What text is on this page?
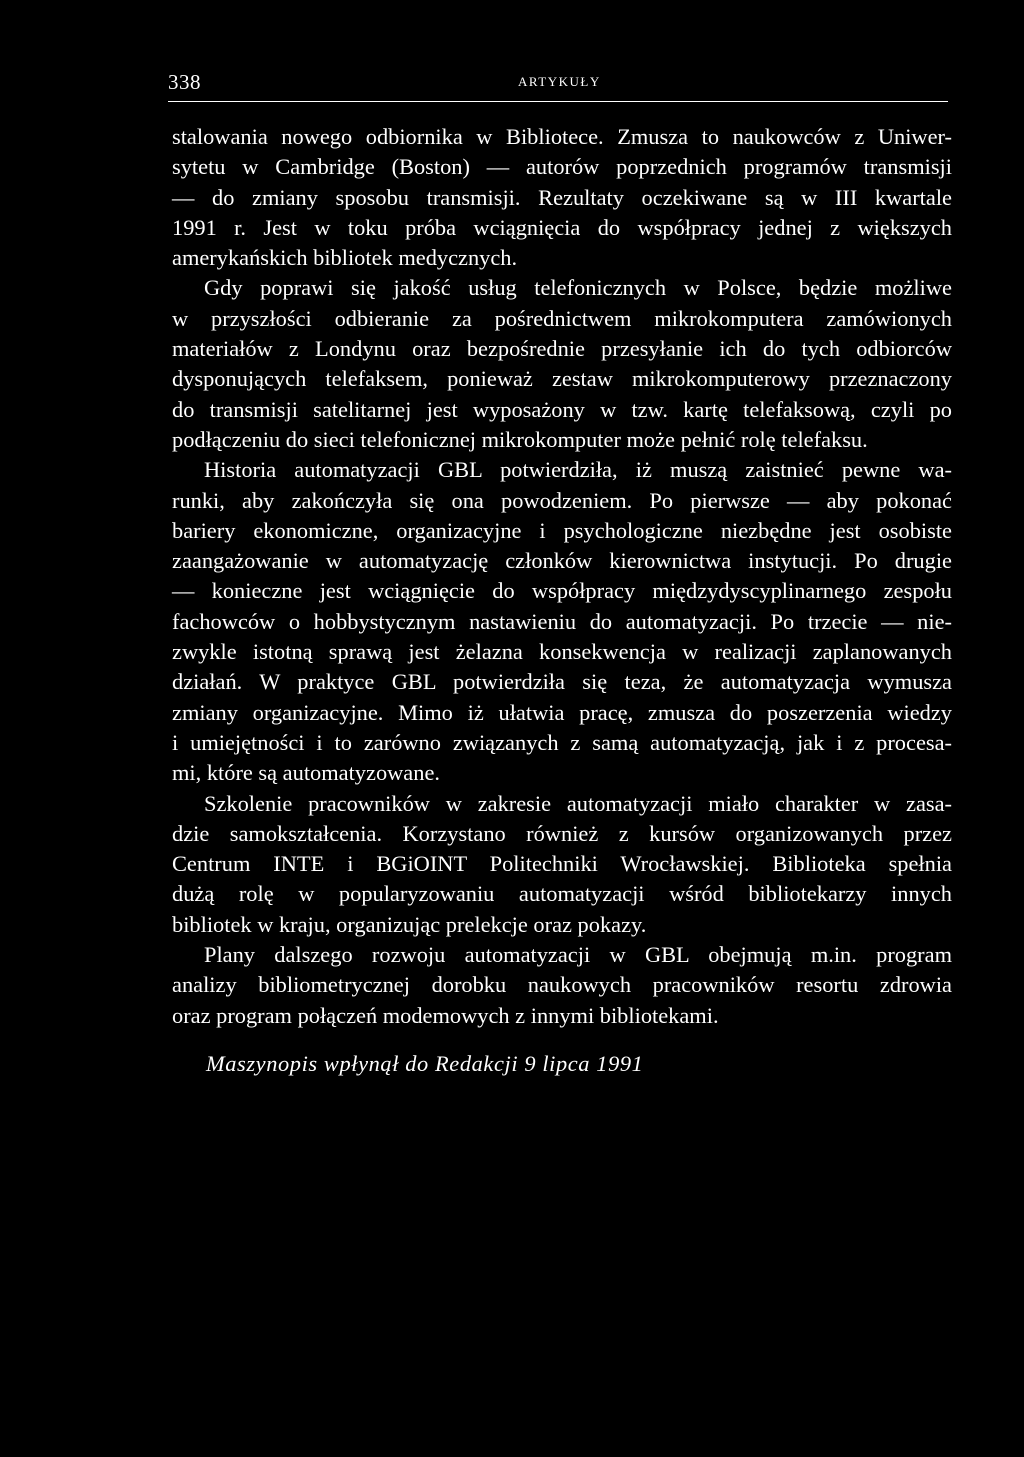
338	ARTYKUŁY
stalowania nowego odbiornika w Bibliotece. Zmusza to naukowców z Uniwer-
sytetu w Cambridge (Boston) — autorów poprzednich programów transmisji
— do zmiany sposobu transmisji. Rezultaty oczekiwane są w III kwartale
1991 r. Jest w toku próba wciągnięcia do współpracy jednej z większych
amerykańskich bibliotek medycznych.
Gdy poprawi się jakość usług telefonicznych w Polsce, będzie możliwe
w przyszłości odbieranie za pośrednictwem mikrokomputera zamówionych
materiałów z Londynu oraz bezpośrednie przesyłanie ich do tych odbiorców
dysponujących telefaksem, ponieważ zestaw mikrokomputerowy przeznaczony
do transmisji satelitarnej jest wyposażony w tzw. kartę telefaksową, czyli po
podłączeniu do sieci telefonicznej mikrokomputer może pełnić rolę telefaksu.
Historia automatyzacji GBL potwierdziła, iż muszą zaistnieć pewne wa-
runki, aby zakończyła się ona powodzeniem. Po pierwsze — aby pokonać
bariery ekonomiczne, organizacyjne i psychologiczne niezbędne jest osobiste
zaangażowanie w automatyzację członków kierownictwa instytucji. Po drugie
— konieczne jest wciągnięcie do współpracy międzydyscyplinarnego zespołu
fachowców o hobbystycznym nastawieniu do automatyzacji. Po trzecie — nie-
zwykle istotną sprawą jest żelazna konsekwencja w realizacji zaplanowanych
działań. W praktyce GBL potwierdziła się teza, że automatyzacja wymusza
zmiany organizacyjne. Mimo iż ułatwia pracę, zmusza do poszerzenia wiedzy
i umiejętności i to zarówno związanych z samą automatyzacją, jak i z procesa-
mi, które są automatyzowane.
Szkolenie pracowników w zakresie automatyzacji miało charakter w zasa-
dzie samokształcenia. Korzystano również z kursów organizowanych przez
Centrum INTE i BGiOINT Politechniki Wrocławskiej. Biblioteka spełnia
dużą rolę w popularyzowaniu automatyzacji wśród bibliotekarzy innych
bibliotek w kraju, organizując prelekcje oraz pokazy.
Plany dalszego rozwoju automatyzacji w GBL obejmują m.in. program
analizy bibliometrycznej dorobku naukowych pracowników resortu zdrowia
oraz program połączeń modemowych z innymi bibliotekami.
Maszynopis wpłynął do Redakcji 9 lipca 1991
